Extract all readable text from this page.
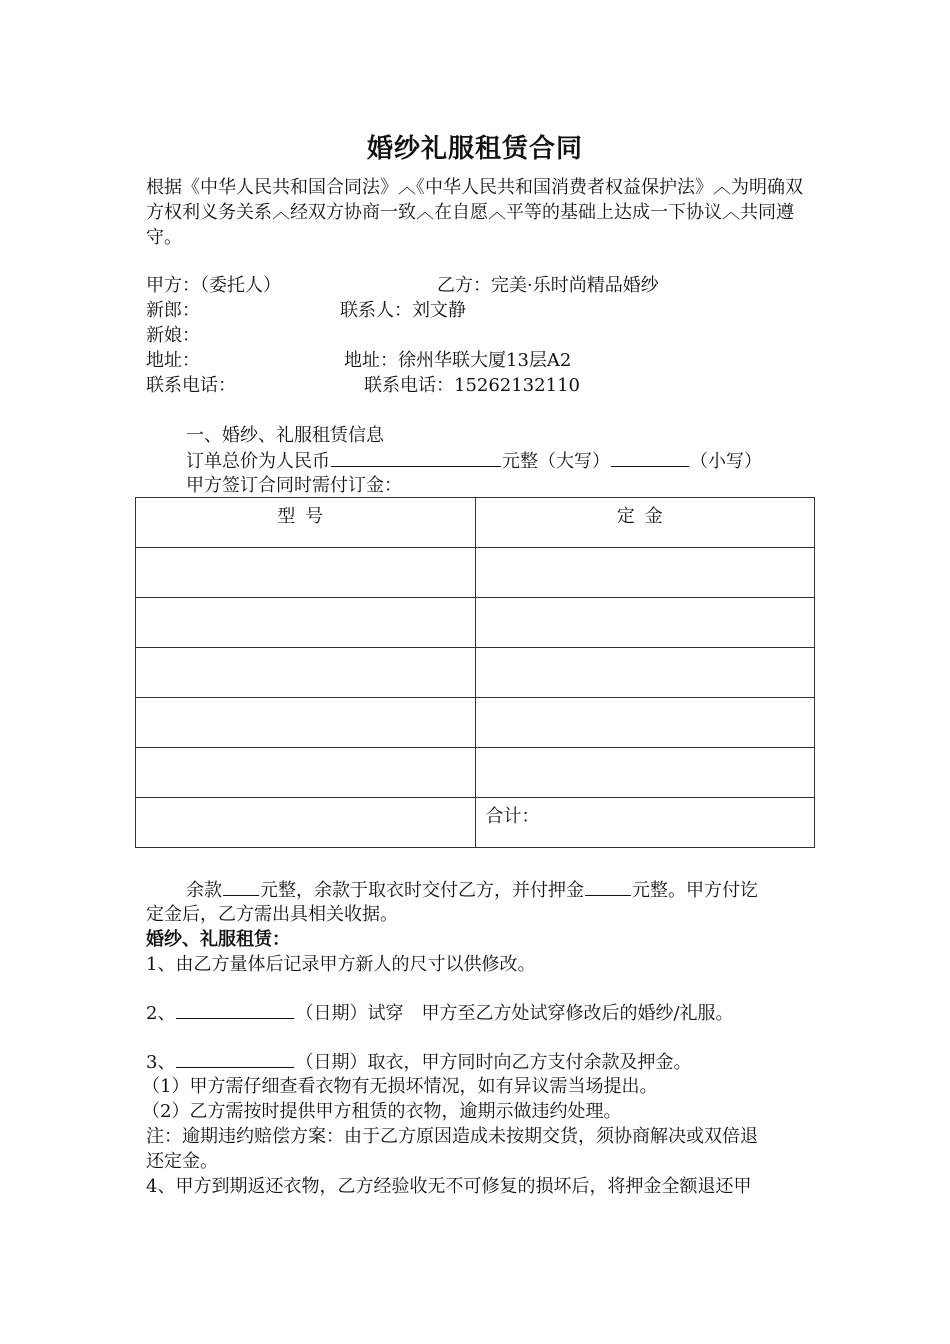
婚纱礼服租赁合同
根据《中华人民共和国合同法》︿《中华人民共和国消费者权益保护法》︿为明确双方权利义务关系︿经双方协商一致︿在自愿︿平等的基础上达成一下协议︿共同遵守。
甲方：（委托人）	乙方：完美·乐时尚精品婚纱
新郎：	联系人：刘文静
新娘：
地址：	地址：徐州华联大厦13层A2
联系电话：	联系电话：15262132110
一、婚纱、礼服租赁信息
订单总价为人民币	元整（大写）	（小写）
甲方签订合同时需付订金：
型号	定金

	合计：
余款 元整，余款于取衣时交付乙方，并付押金	元整。甲方付讫
定金后，乙方需出具相关收据。
婚纱、礼服租赁：
1、由乙方量体后记录甲方新人的尺寸以供修改。
2、	（日期）试穿　甲方至乙方处试穿修改后的婚纱/礼服。
3、	（日期）取衣，甲方同时向乙方支付余款及押金。
（1）甲方需仔细查看衣物有无损坏情况，如有异议需当场提出。
（2）乙方需按时提供甲方租赁的衣物，逾期示做违约处理。
注：逾期违约赔偿方案：由于乙方原因造成未按期交货，须协商解决或双倍退
还定金。
4、甲方到期返还衣物，乙方经验收无不可修复的损坏后，将押金全额退还甲
